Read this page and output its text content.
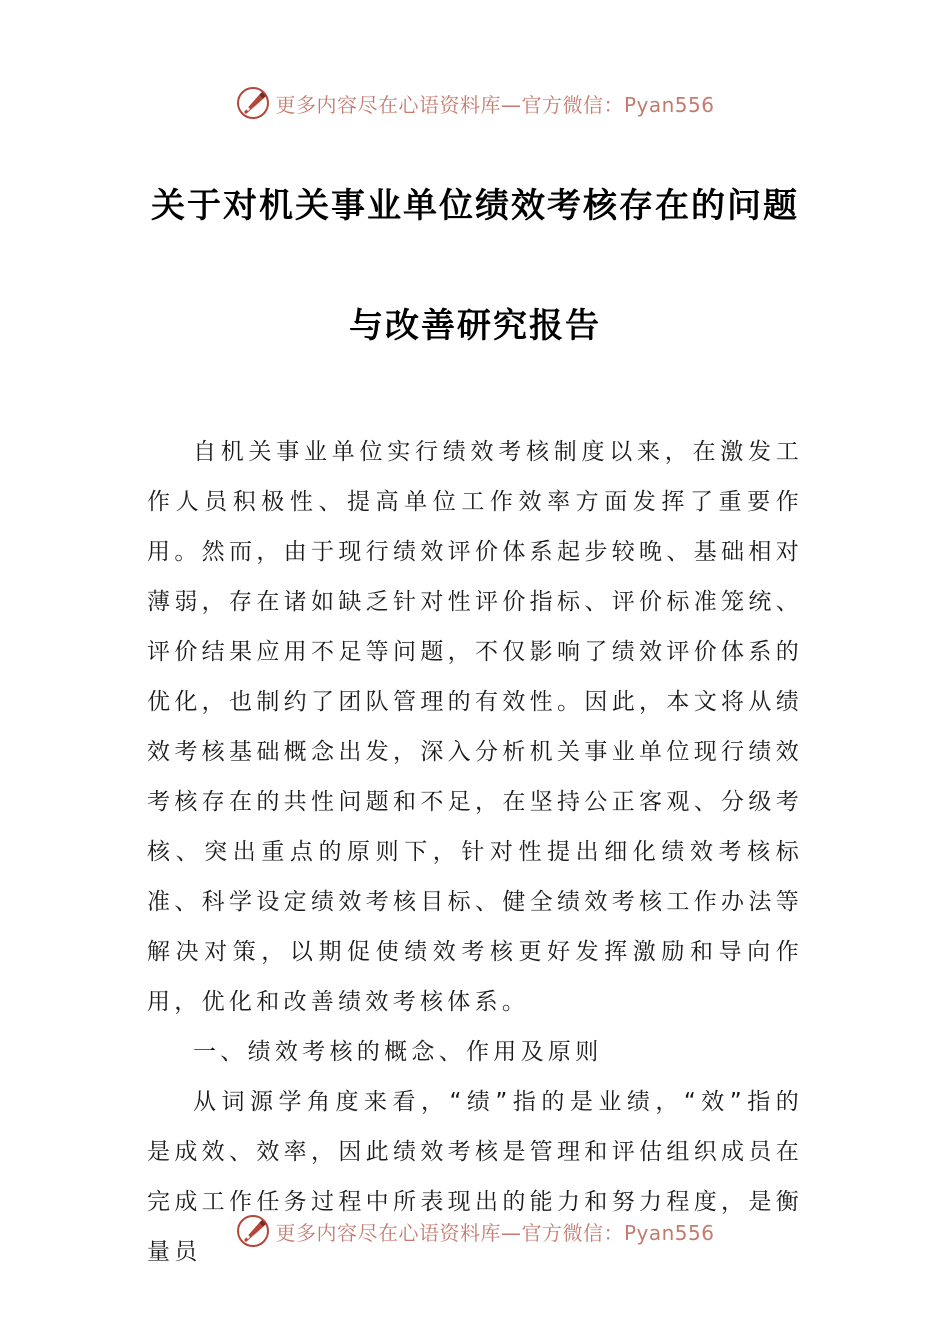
更多内容尽在心语资料库—官方微信：Pyan556
关于对机关事业单位绩效考核存在的问题
与改善研究报告

自机关事业单位实行绩效考核制度以来，在激发工作人员积极性、提高单位工作效率方面发挥了重要作用。然而，由于现行绩效评价体系起步较晚、基础相对薄弱，存在诸如缺乏针对性评价指标、评价标准笼统、评价结果应用不足等问题，不仅影响了绩效评价体系的优化，也制约了团队管理的有效性。因此，本文将从绩效考核基础概念出发，深入分析机关事业单位现行绩效考核存在的共性问题和不足，在坚持公正客观、分级考核、突出重点的原则下，针对性提出细化绩效考核标准、科学设定绩效考核目标、健全绩效考核工作办法等解决对策，以期促使绩效考核更好发挥激励和导向作用，优化和改善绩效考核体系。

一、绩效考核的概念、作用及原则

从词源学角度来看，“绩”指的是业绩，“效”指的是成效、效率，因此绩效考核是管理和评估组织成员在完成工作任务过程中所表现出的能力和努力程度，是衡量员

更多内容尽在心语资料库—官方微信：Pyan556
